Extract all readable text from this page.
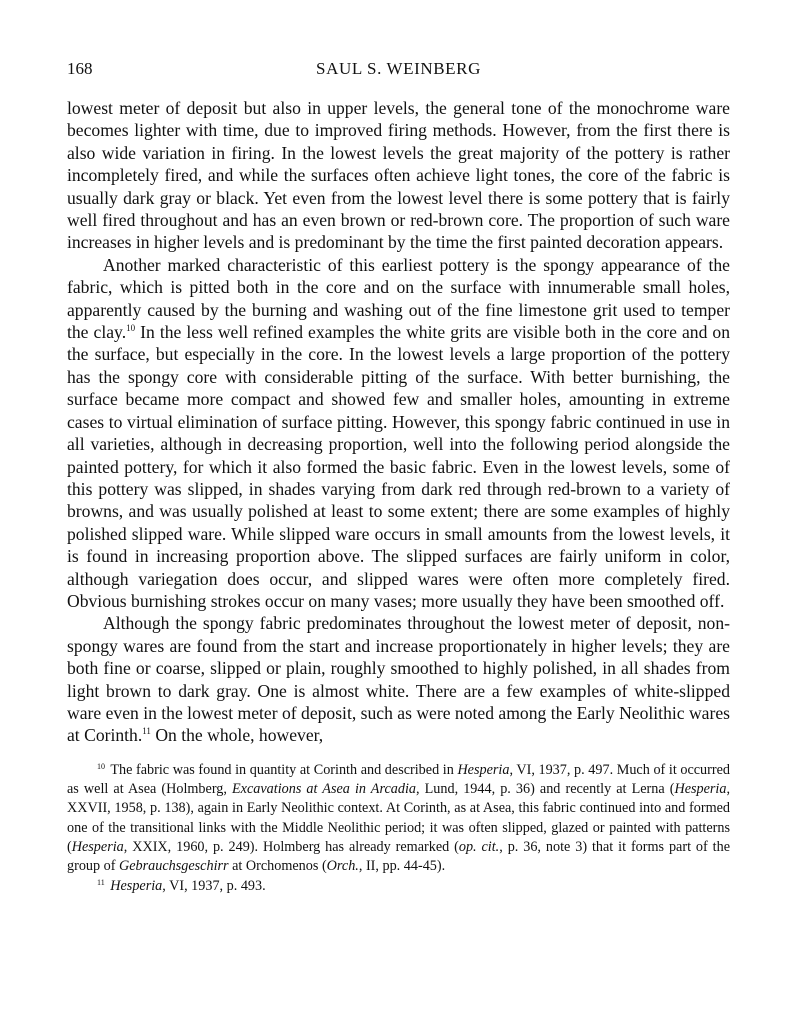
168	SAUL S. WEINBERG

lowest meter of deposit but also in upper levels, the general tone of the monochrome ware becomes lighter with time, due to improved firing methods. However, from the first there is also wide variation in firing. In the lowest levels the great majority of the pottery is rather incompletely fired, and while the surfaces often achieve light tones, the core of the fabric is usually dark gray or black. Yet even from the lowest level there is some pottery that is fairly well fired throughout and has an even brown or red-brown core. The proportion of such ware increases in higher levels and is predominant by the time the first painted decoration appears.

Another marked characteristic of this earliest pottery is the spongy appearance of the fabric, which is pitted both in the core and on the surface with innumerable small holes, apparently caused by the burning and washing out of the fine limestone grit used to temper the clay.$^{10}$ In the less well refined examples the white grits are visible both in the core and on the surface, but especially in the core. In the lowest levels a large proportion of the pottery has the spongy core with considerable pitting of the surface. With better burnishing, the surface became more compact and showed few and smaller holes, amounting in extreme cases to virtual elimination of surface pitting. However, this spongy fabric continued in use in all varieties, although in decreasing proportion, well into the following period alongside the painted pottery, for which it also formed the basic fabric. Even in the lowest levels, some of this pottery was slipped, in shades varying from dark red through red-brown to a variety of browns, and was usually polished at least to some extent; there are some examples of highly polished slipped ware. While slipped ware occurs in small amounts from the lowest levels, it is found in increasing proportion above. The slipped surfaces are fairly uniform in color, although variegation does occur, and slipped wares were often more completely fired. Obvious burnishing strokes occur on many vases; more usually they have been smoothed off.

Although the spongy fabric predominates throughout the lowest meter of deposit, non-spongy wares are found from the start and increase proportionately in higher levels; they are both fine or coarse, slipped or plain, roughly smoothed to highly polished, in all shades from light brown to dark gray. One is almost white. There are a few examples of white-slipped ware even in the lowest meter of deposit, such as were noted among the Early Neolithic wares at Corinth.$^{11}$ On the whole, however,

$^{10}$ The fabric was found in quantity at Corinth and described in Hesperia, VI, 1937, p. 497. Much of it occurred as well at Asea (Holmberg, Excavations at Asea in Arcadia, Lund, 1944, p. 36) and recently at Lerna (Hesperia, XXVII, 1958, p. 138), again in Early Neolithic context. At Corinth, as at Asea, this fabric continued into and formed one of the transitional links with the Middle Neolithic period; it was often slipped, glazed or painted with patterns (Hesperia, XXIX, 1960, p. 249). Holmberg has already remarked (op. cit., p. 36, note 3) that it forms part of the group of Gebrauchsgeschirr at Orchomenos (Orch., II, pp. 44-45).

$^{11}$ Hesperia, VI, 1937, p. 493.
